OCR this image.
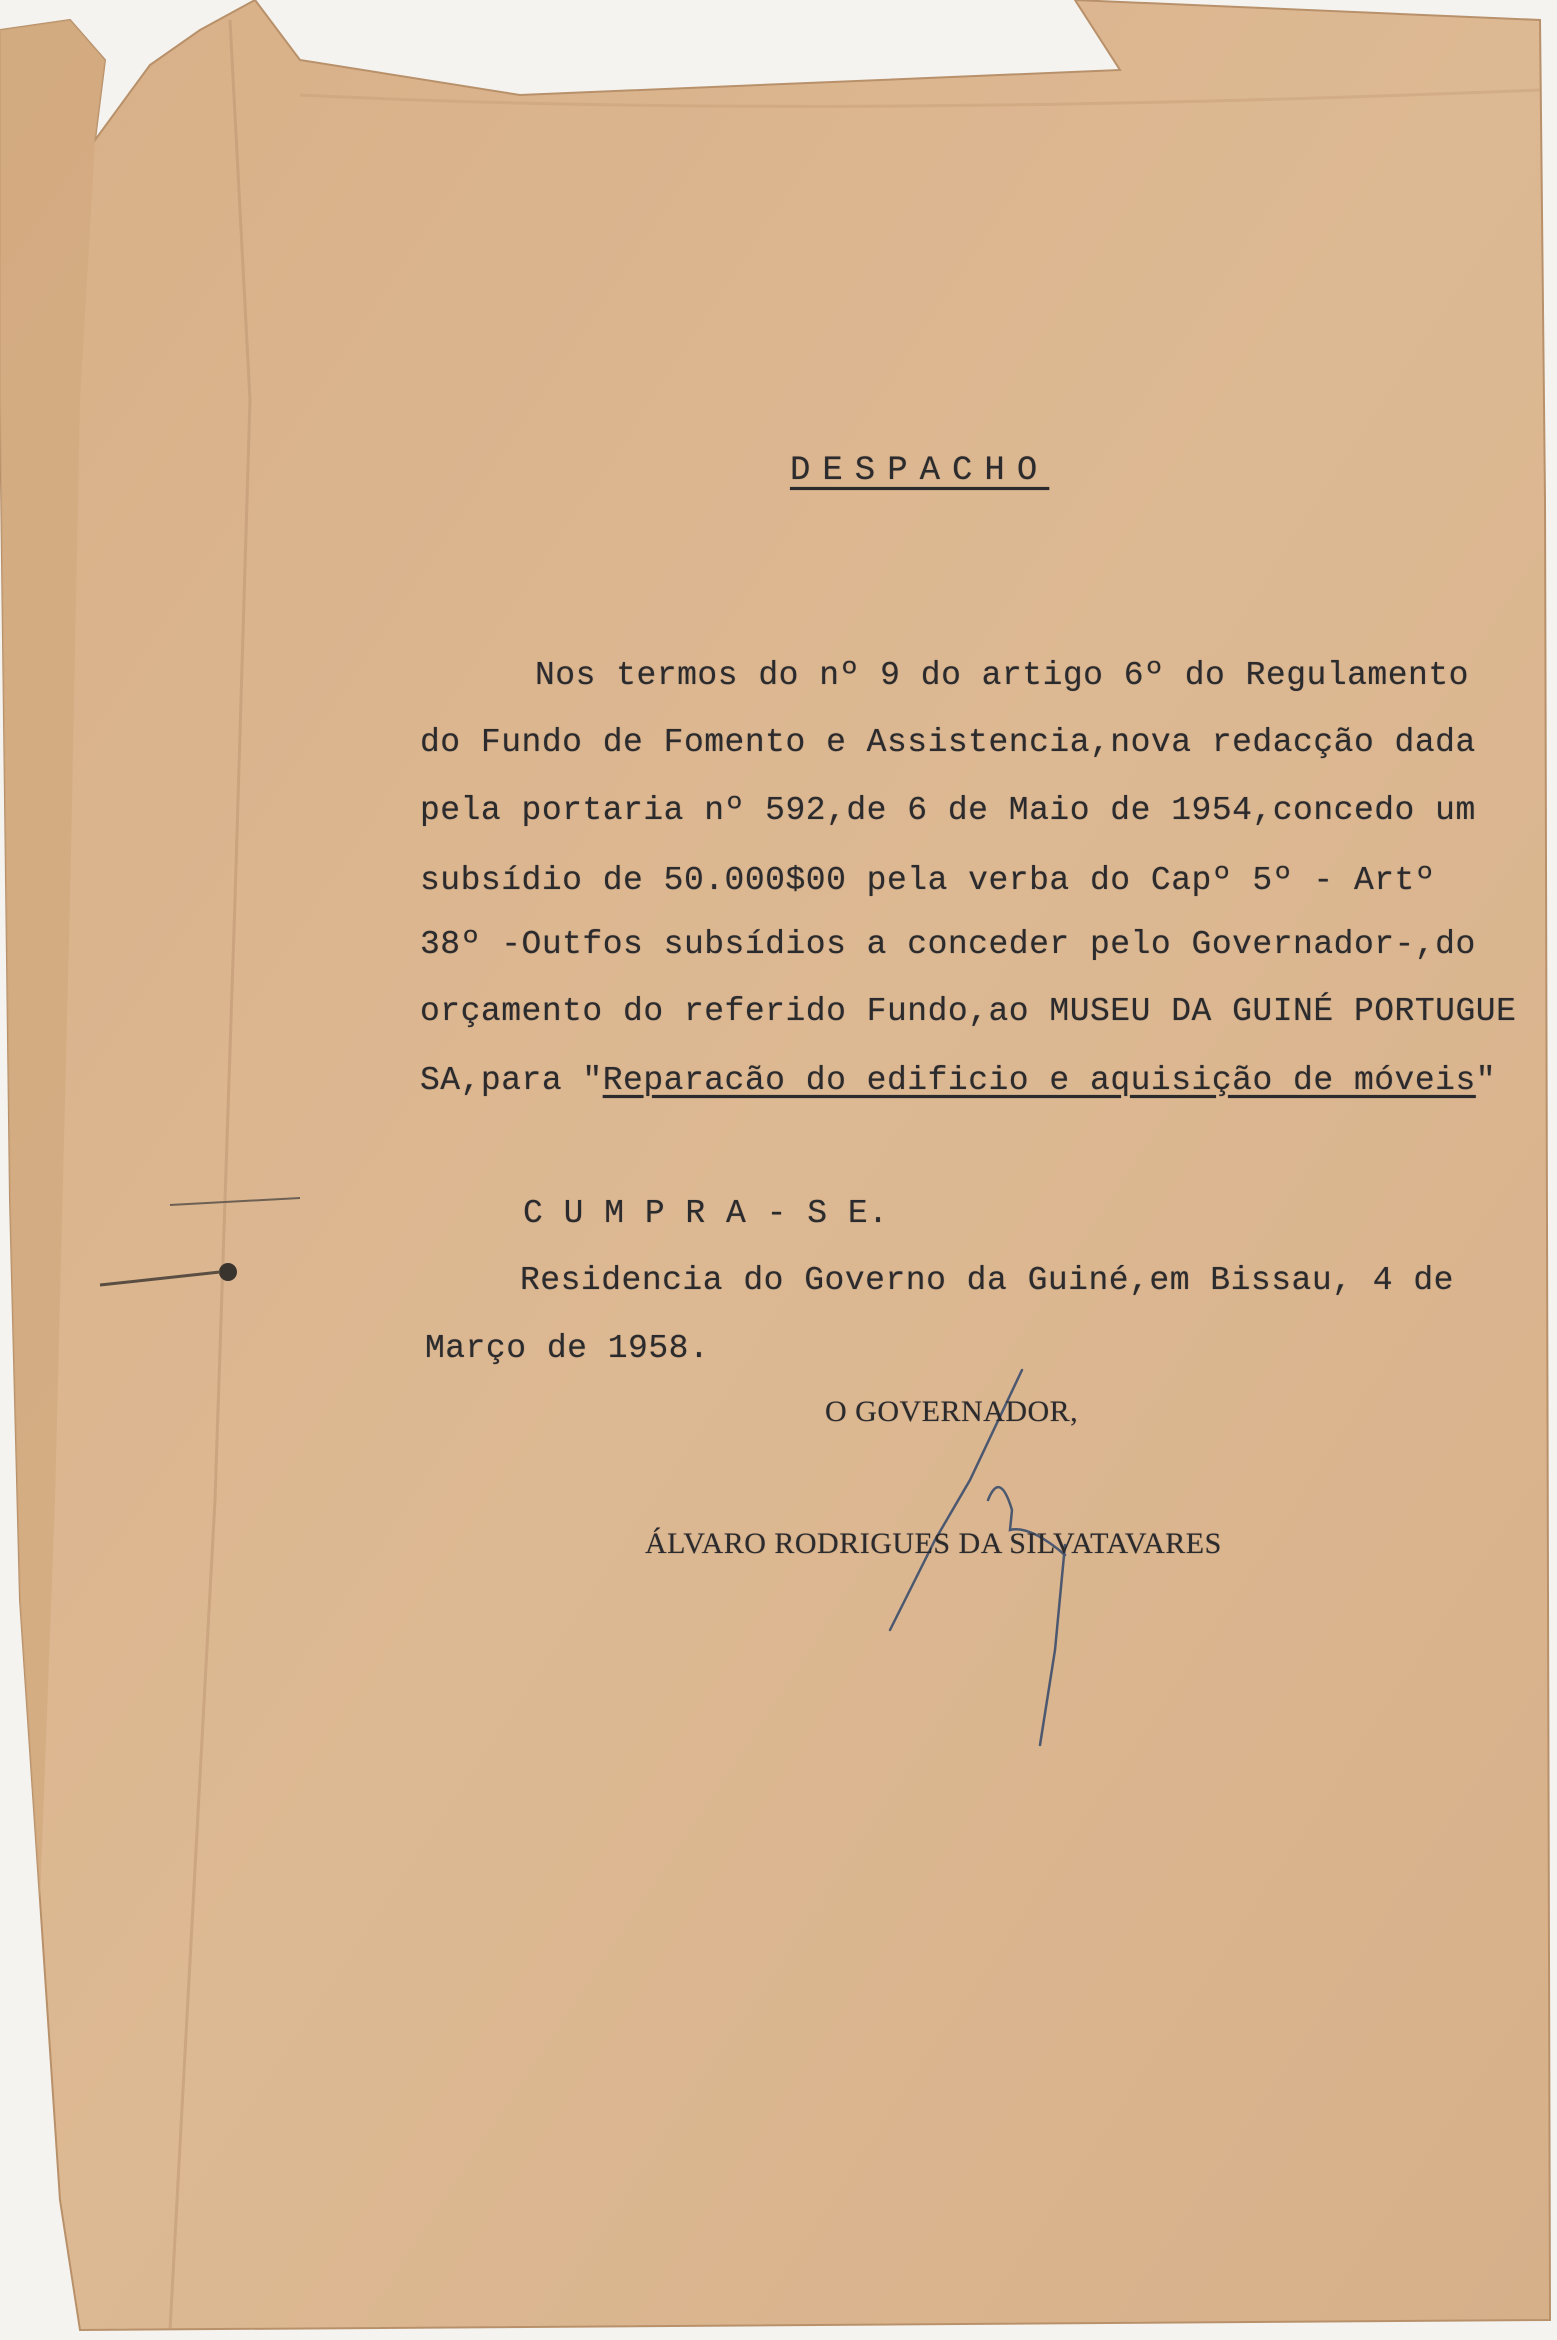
DESPACHO
Nos termos do nº 9 do artigo 6º do Regulamento
do Fundo de Fomento e Assistencia,nova redacção dada
pela portaria nº 592,de 6 de Maio de 1954,concedo um
subsídio de 50.000$00 pela verba do Capº 5º - Artº
38º -Outfos subsídios a conceder pelo Governador-,do
orçamento do referido Fundo,ao MUSEU DA GUINÉ PORTUGUE
SA,para "Reparacão do edificio e aquisição de móveis"
C U M P R A - S E.
Residencia do Governo da Guiné,em Bissau, 4 de
Março de 1958.
O GOVERNADOR,
ÁLVARO RODRIGUES DA SILVATAVARES
